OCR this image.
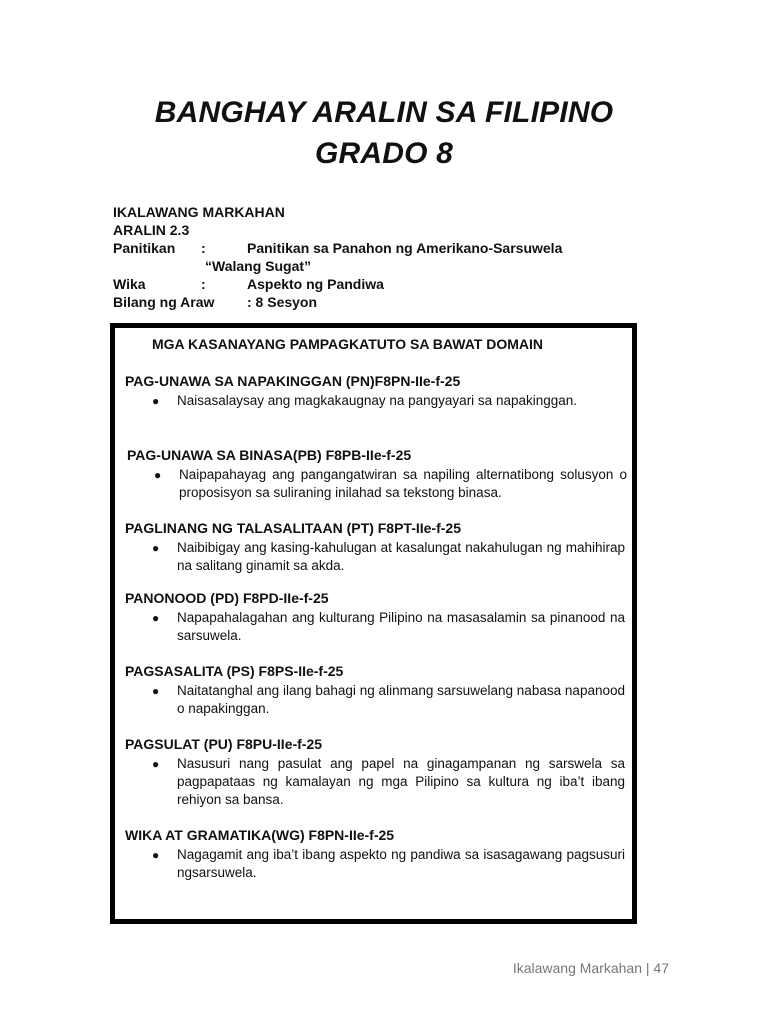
BANGHAY ARALIN SA FILIPINO
GRADO 8
IKALAWANG MARKAHAN
ARALIN 2.3
Panitikan	:	Panitikan sa Panahon ng Amerikano-Sarsuwela
“Walang Sugat”
Wika	:	Aspekto ng Pandiwa
Bilang ng Araw	: 8 Sesyon
MGA KASANAYANG PAMPAGKATUTO SA BAWAT DOMAIN
PAG-UNAWA SA NAPAKINGGAN (PN)F8PN-IIe-f-25
●	Naisasalaysay ang magkakaugnay na pangyayari sa napakinggan.
PAG-UNAWA SA BINASA(PB) F8PB-IIe-f-25
●	Naipapahayag ang pangangatwiran sa napiling alternatibong solusyon o proposisyon sa suliraning inilahad sa tekstong binasa.
PAGLINANG NG TALASALITAAN (PT) F8PT-IIe-f-25
●	Naibibigay ang kasing-kahulugan at kasalungat nakahulugan ng mahihirap na salitang ginamit sa akda.
PANONOOD (PD) F8PD-IIe-f-25
●	Napapahalagahan ang kulturang Pilipino na masasalamin sa pinanood na sarsuwela.
PAGSASALITA (PS) F8PS-IIe-f-25
●	Naitatanghal ang ilang bahagi ng alinmang sarsuwelang nabasa napanood o napakinggan.
PAGSULAT (PU) F8PU-IIe-f-25
●	Nasusuri nang pasulat ang papel na ginagampanan ng sarswela sa pagpapataas ng kamalayan ng mga Pilipino sa kultura ng iba’t ibang rehiyon sa bansa.
WIKA AT GRAMATIKA(WG) F8PN-IIe-f-25
●	Nagagamit ang iba’t ibang aspekto ng pandiwa sa isasagawang pagsusuri ngsarsuwela.
Ikalawang Markahan | 47
